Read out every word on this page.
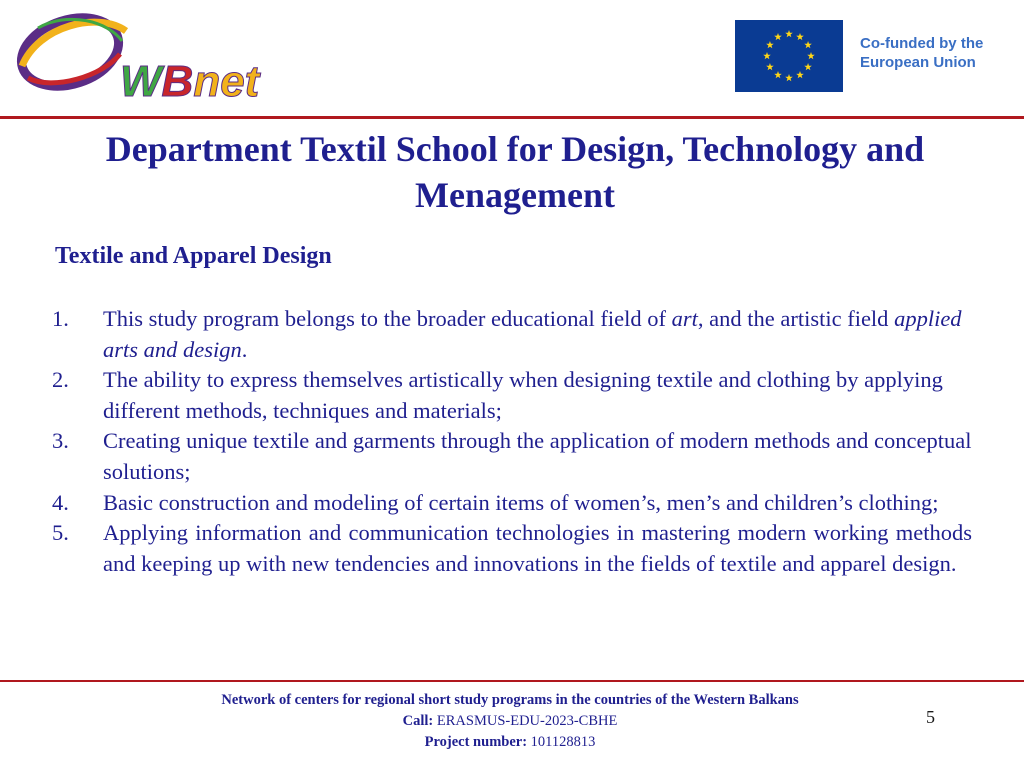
WBnet
Co-funded by the
European Union
Department Textil School for Design, Technology and Menagement
Textile and Apparel Design
1.	This study program belongs to the broader educational field of art, and the artistic field applied arts and design.
2.	The ability to express themselves artistically when designing textile and clothing by applying different methods, techniques and materials;
3.	Creating unique textile and garments through the application of modern methods and conceptual solutions;
4.	Basic construction and modeling of certain items of women’s, men’s and children’s clothing;
5.	Applying information and communication technologies in mastering modern working methods and keeping up with new tendencies and innovations in the fields of textile and apparel design.
Network of centers for regional short study programs in the countries of the Western Balkans
Call: ERASMUS-EDU-2023-CBHE
Project number: 101128813
5
